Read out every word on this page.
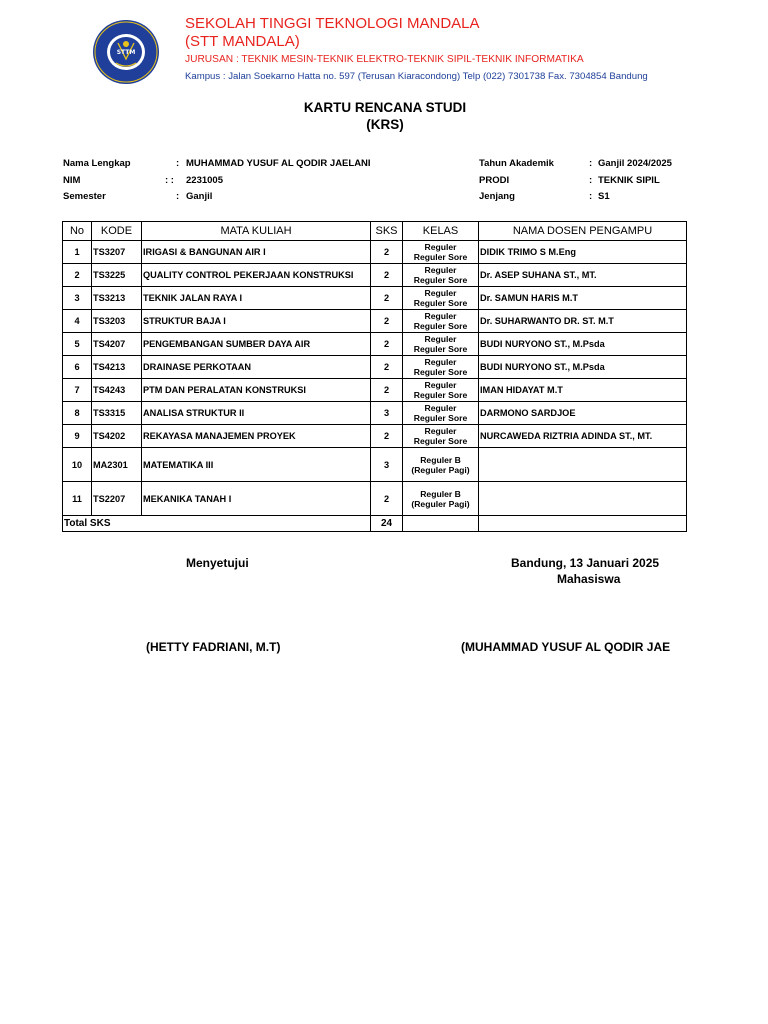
SEKOLAH TINGGI TEKNOLOGI MANDALA
STTM
SEKOLAH TINGGI TEKNOLOGI MANDALA
(STT MANDALA)
JURUSAN : TEKNIK MESIN-TEKNIK ELEKTRO-TEKNIK SIPIL-TEKNIK INFORMATIKA
Kampus : Jalan Soekarno Hatta no. 597 (Terusan Kiaracondong) Telp (022) 7301738 Fax. 7304854 Bandung
KARTU RENCANA STUDI
(KRS)
Nama Lengkap	: MUHAMMAD YUSUF AL QODIR JAELANI
NIM	: : 2231005
Semester	: Ganjil
Tahun Akademik	: Ganjil 2024/2025
PRODI	: TEKNIK SIPIL
Jenjang	: S1
No	KODE	MATA KULIAH	SKS	KELAS	NAMA DOSEN PENGAMPU
1	TS3207	IRIGASI & BANGUNAN AIR I	2	Reguler
Reguler Sore	DIDIK TRIMO S M.Eng
2	TS3225	QUALITY CONTROL PEKERJAAN KONSTRUKSI	2	Reguler
Reguler Sore	Dr. ASEP SUHANA ST., MT.
3	TS3213	TEKNIK JALAN RAYA I	2	Reguler
Reguler Sore	Dr. SAMUN HARIS M.T
4	TS3203	STRUKTUR BAJA I	2	Reguler
Reguler Sore	Dr. SUHARWANTO DR. ST. M.T
5	TS4207	PENGEMBANGAN SUMBER DAYA AIR	2	Reguler
Reguler Sore	BUDI NURYONO ST., M.Psda
6	TS4213	DRAINASE PERKOTAAN	2	Reguler
Reguler Sore	BUDI NURYONO ST., M.Psda
7	TS4243	PTM DAN PERALATAN KONSTRUKSI	2	Reguler
Reguler Sore	IMAN HIDAYAT M.T
8	TS3315	ANALISA STRUKTUR II	3	Reguler
Reguler Sore	DARMONO SARDJOE
9	TS4202	REKAYASA MANAJEMEN PROYEK	2	Reguler
Reguler Sore	NURCAWEDA RIZTRIA ADINDA ST., MT.
10	MA2301	MATEMATIKA III	3	Reguler B
(Reguler Pagi)	

11	TS2207	MEKANIKA TANAH I	2	Reguler B
(Reguler Pagi)	

Total SKS			24		
Menyetujui	Bandung, 13 Januari 2025
Mahasiswa
(HETTY FADRIANI, M.T)	(MUHAMMAD YUSUF AL QODIR JAE
